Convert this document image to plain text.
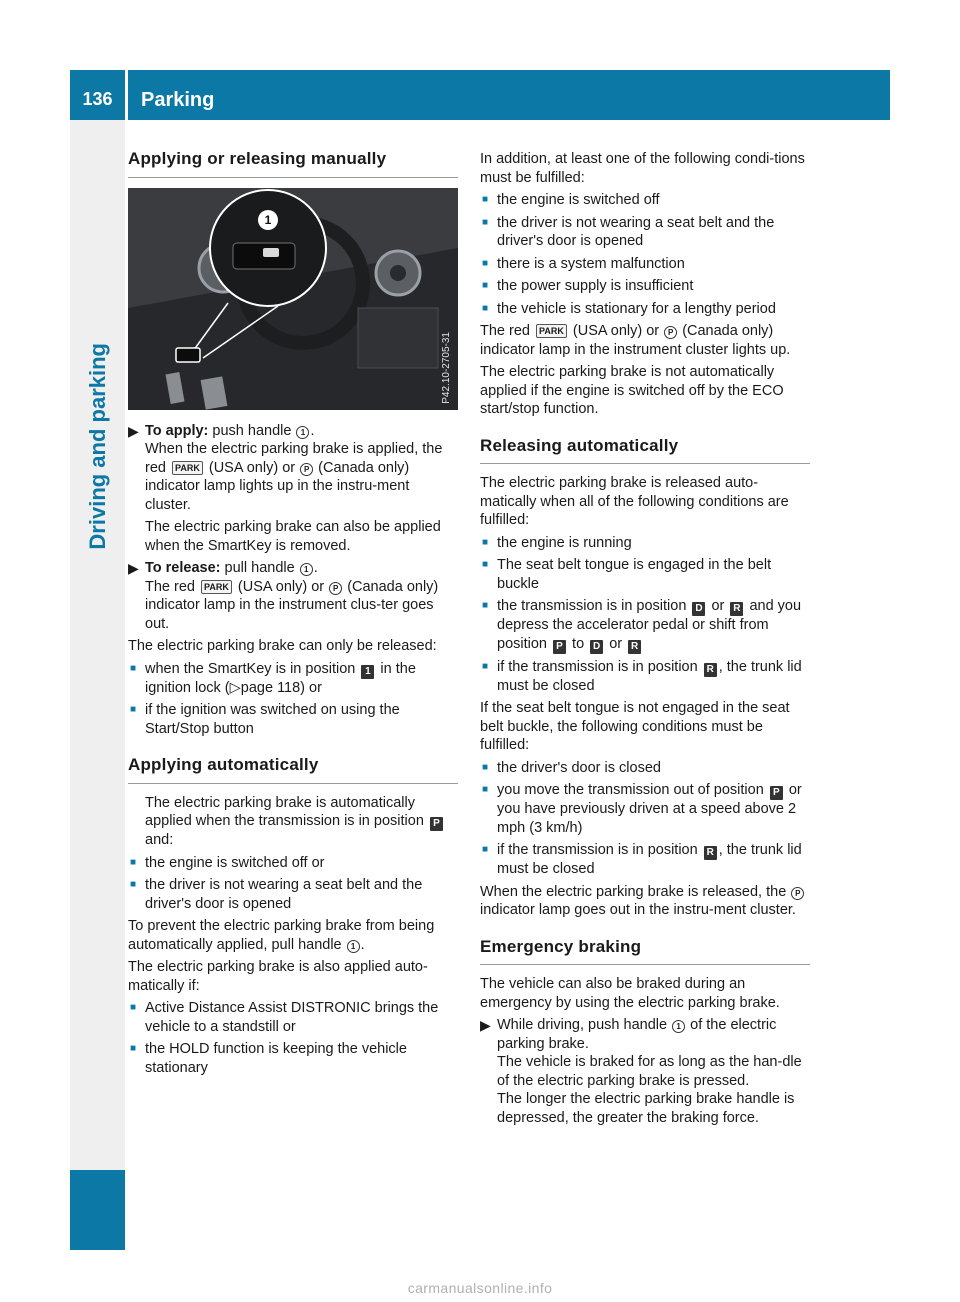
136	Parking
Driving and parking
Applying or releasing manually
1
P42.10-2705-31
▶ To apply: push handle 1 .
When the electric parking brake is applied, the red PARK (USA only) or P (Canada only) indicator lamp lights up in the instru-ment cluster.

The electric parking brake can also be applied when the SmartKey is removed.

▶ To release: pull handle 1 .
The red PARK (USA only) or P (Canada only) indicator lamp in the instrument clus-ter goes out.

The electric parking brake can only be released:

■ when the SmartKey is in position 1 in the ignition lock (▷page 118) or
■ if the ignition was switched on using the Start/Stop button
Applying automatically

The electric parking brake is automatically applied when the transmission is in position P and:

■ the engine is switched off or
■ the driver is not wearing a seat belt and the driver's door is opened

To prevent the electric parking brake from being automatically applied, pull handle 1 .

The electric parking brake is also applied auto-matically if:

■ Active Distance Assist DISTRONIC brings the vehicle to a standstill or
■ the HOLD function is keeping the vehicle stationary

In addition, at least one of the following condi-tions must be fulfilled:

■ the engine is switched off
■ the driver is not wearing a seat belt and the driver's door is opened
■ there is a system malfunction
■ the power supply is insufficient
■ the vehicle is stationary for a lengthy period

The red PARK (USA only) or P (Canada only) indicator lamp in the instrument cluster lights up.

The electric parking brake is not automatically applied if the engine is switched off by the ECO start/stop function.

Releasing automatically

The electric parking brake is released auto-matically when all of the following conditions are fulfilled:

■ the engine is running
■ The seat belt tongue is engaged in the belt buckle
■ the transmission is in position D or R and you depress the accelerator pedal or shift from position P to D or R
■ if the transmission is in position R , the trunk lid must be closed

If the seat belt tongue is not engaged in the seat belt buckle, the following conditions must be fulfilled:

■ the driver's door is closed
■ you move the transmission out of position P or you have previously driven at a speed above 2 mph (3 km/h)
■ if the transmission is in position R , the trunk lid must be closed

When the electric parking brake is released, the P indicator lamp goes out in the instru-ment cluster.

Emergency braking

The vehicle can also be braked during an emergency by using the electric parking brake.

▶ While driving, push handle 1 of the electric parking brake.
The vehicle is braked for as long as the han-dle of the electric parking brake is pressed.
The longer the electric parking brake handle is depressed, the greater the braking force.

carmanualsonline.info
